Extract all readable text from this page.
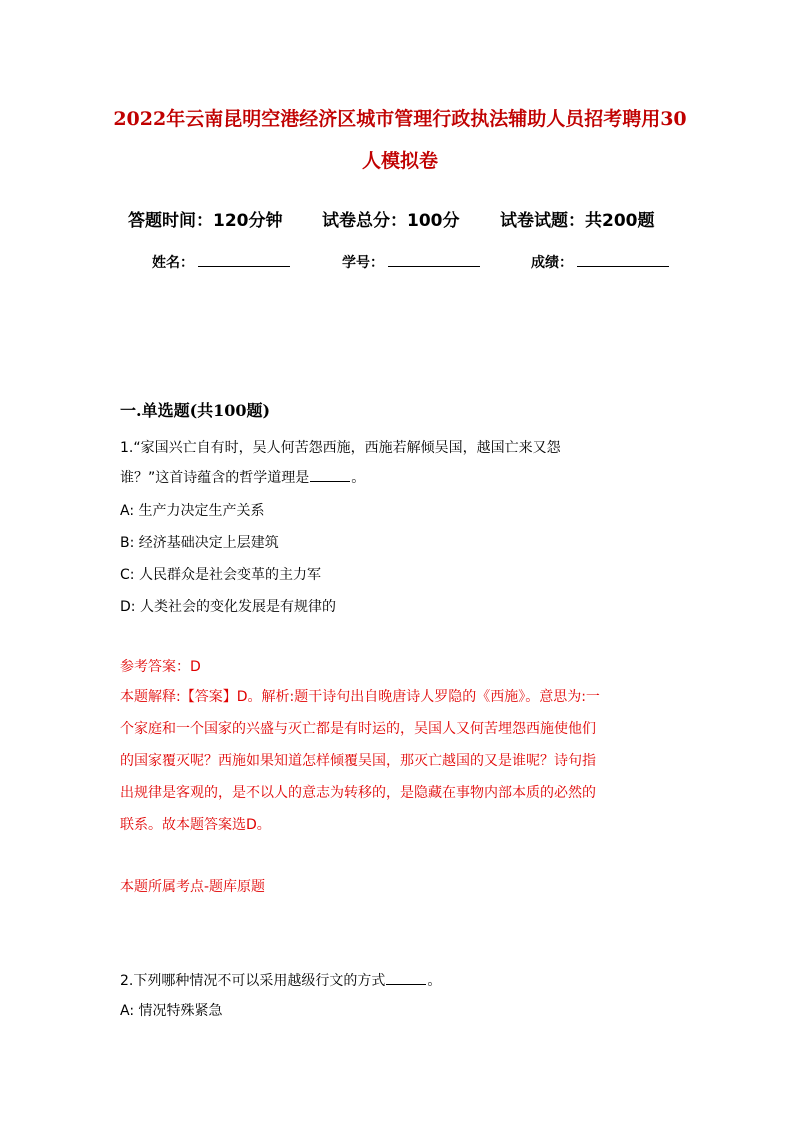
2022年云南昆明空港经济区城市管理行政执法辅助人员招考聘用30
人模拟卷
答题时间：120分钟 试卷总分：100分 试卷试题：共200题
姓名：	学号：	成绩：
一.单选题(共100题)
1.“家国兴亡自有时，吴人何苦怨西施，西施若解倾吴国，越国亡来又怨
谁？”这首诗蕴含的哲学道理是	。
A: 生产力决定生产关系
B: 经济基础决定上层建筑
C: 人民群众是社会变革的主力军
D: 人类社会的变化发展是有规律的
参考答案：D
本题解释:【答案】D。解析:题干诗句出自晚唐诗人罗隐的《西施》。意思为:一
个家庭和一个国家的兴盛与灭亡都是有时运的，吴国人又何苦埋怨西施使他们
的国家覆灭呢？西施如果知道怎样倾覆吴国，那灭亡越国的又是谁呢？诗句指
出规律是客观的，是不以人的意志为转移的，是隐藏在事物内部本质的必然的
联系。故本题答案选D。
本题所属考点-题库原题
2.下列哪种情况不可以采用越级行文的方式	。
A: 情况特殊紧急
